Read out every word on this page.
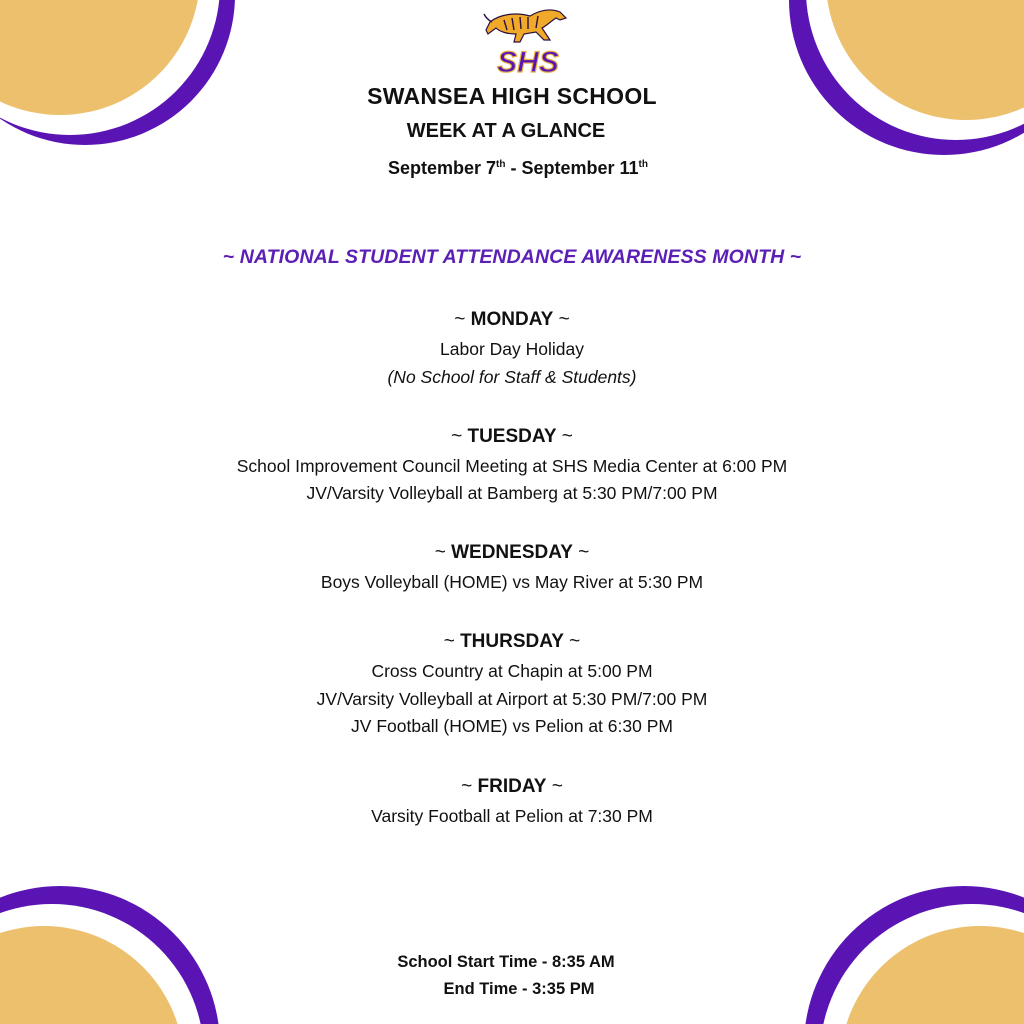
SHS
SWANSEA HIGH SCHOOL
WEEK AT A GLANCE
September 7th - September 11th
~ NATIONAL STUDENT ATTENDANCE AWARENESS MONTH ~
~ MONDAY ~
Labor Day Holiday
(No School for Staff & Students)
~ TUESDAY ~
School Improvement Council Meeting at SHS Media Center at 6:00 PM
JV/Varsity Volleyball at Bamberg at 5:30 PM/7:00 PM
~ WEDNESDAY ~
Boys Volleyball (HOME) vs May River at 5:30 PM
~ THURSDAY ~
Cross Country at Chapin at 5:00 PM
JV/Varsity Volleyball at Airport at 5:30 PM/7:00 PM
JV Football (HOME) vs Pelion at 6:30 PM
~ FRIDAY ~
Varsity Football at Pelion at 7:30 PM
School Start Time - 8:35 AM
End Time - 3:35 PM
